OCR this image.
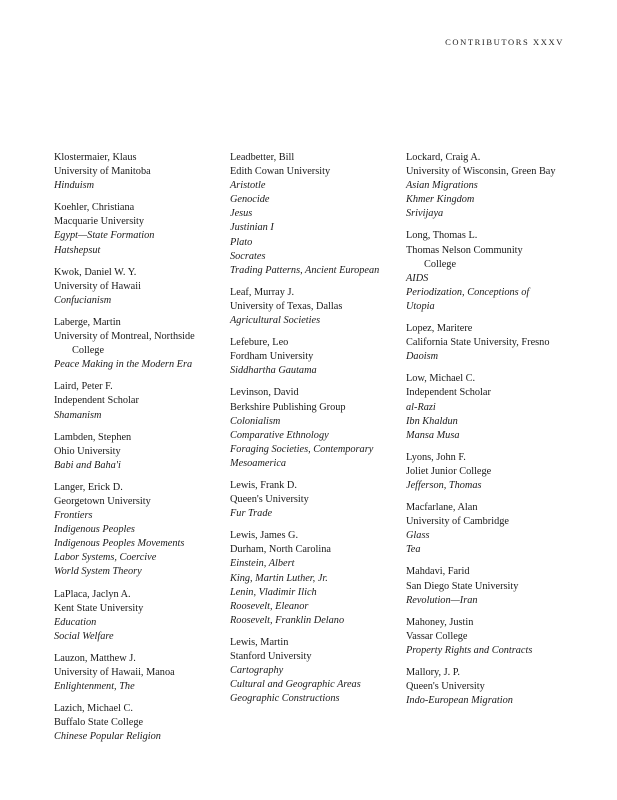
CONTRIBUTORS XXXV
Klostermaier, Klaus
University of Manitoba
Hinduism
Koehler, Christiana
Macquarie University
Egypt—State Formation
Hatshepsut
Kwok, Daniel W. Y.
University of Hawaii
Confucianism
Laberge, Martin
University of Montreal, Northside
College
Peace Making in the Modern Era
Laird, Peter F.
Independent Scholar
Shamanism
Lambden, Stephen
Ohio University
Babi and Baha'i
Langer, Erick D.
Georgetown University
Frontiers
Indigenous Peoples
Indigenous Peoples Movements
Labor Systems, Coercive
World System Theory
LaPlaca, Jaclyn A.
Kent State University
Education
Social Welfare
Lauzon, Matthew J.
University of Hawaii, Manoa
Enlightenment, The
Lazich, Michael C.
Buffalo State College
Chinese Popular Religion
Leadbetter, Bill
Edith Cowan University
Aristotle
Genocide
Jesus
Justinian I
Plato
Socrates
Trading Patterns, Ancient European
Leaf, Murray J.
University of Texas, Dallas
Agricultural Societies
Lefebure, Leo
Fordham University
Siddhartha Gautama
Levinson, David
Berkshire Publishing Group
Colonialism
Comparative Ethnology
Foraging Societies, Contemporary
Mesoamerica
Lewis, Frank D.
Queen's University
Fur Trade
Lewis, James G.
Durham, North Carolina
Einstein, Albert
King, Martin Luther, Jr.
Lenin, Vladimir Ilich
Roosevelt, Eleanor
Roosevelt, Franklin Delano
Lewis, Martin
Stanford University
Cartography
Cultural and Geographic Areas
Geographic Constructions
Lockard, Craig A.
University of Wisconsin, Green Bay
Asian Migrations
Khmer Kingdom
Srivijaya
Long, Thomas L.
Thomas Nelson Community
College
AIDS
Periodization, Conceptions of
Utopia
Lopez, Maritere
California State University, Fresno
Daoism
Low, Michael C.
Independent Scholar
al-Razi
Ibn Khaldun
Mansa Musa
Lyons, John F.
Joliet Junior College
Jefferson, Thomas
Macfarlane, Alan
University of Cambridge
Glass
Tea
Mahdavi, Farid
San Diego State University
Revolution—Iran
Mahoney, Justin
Vassar College
Property Rights and Contracts
Mallory, J. P.
Queen's University
Indo-European Migration
